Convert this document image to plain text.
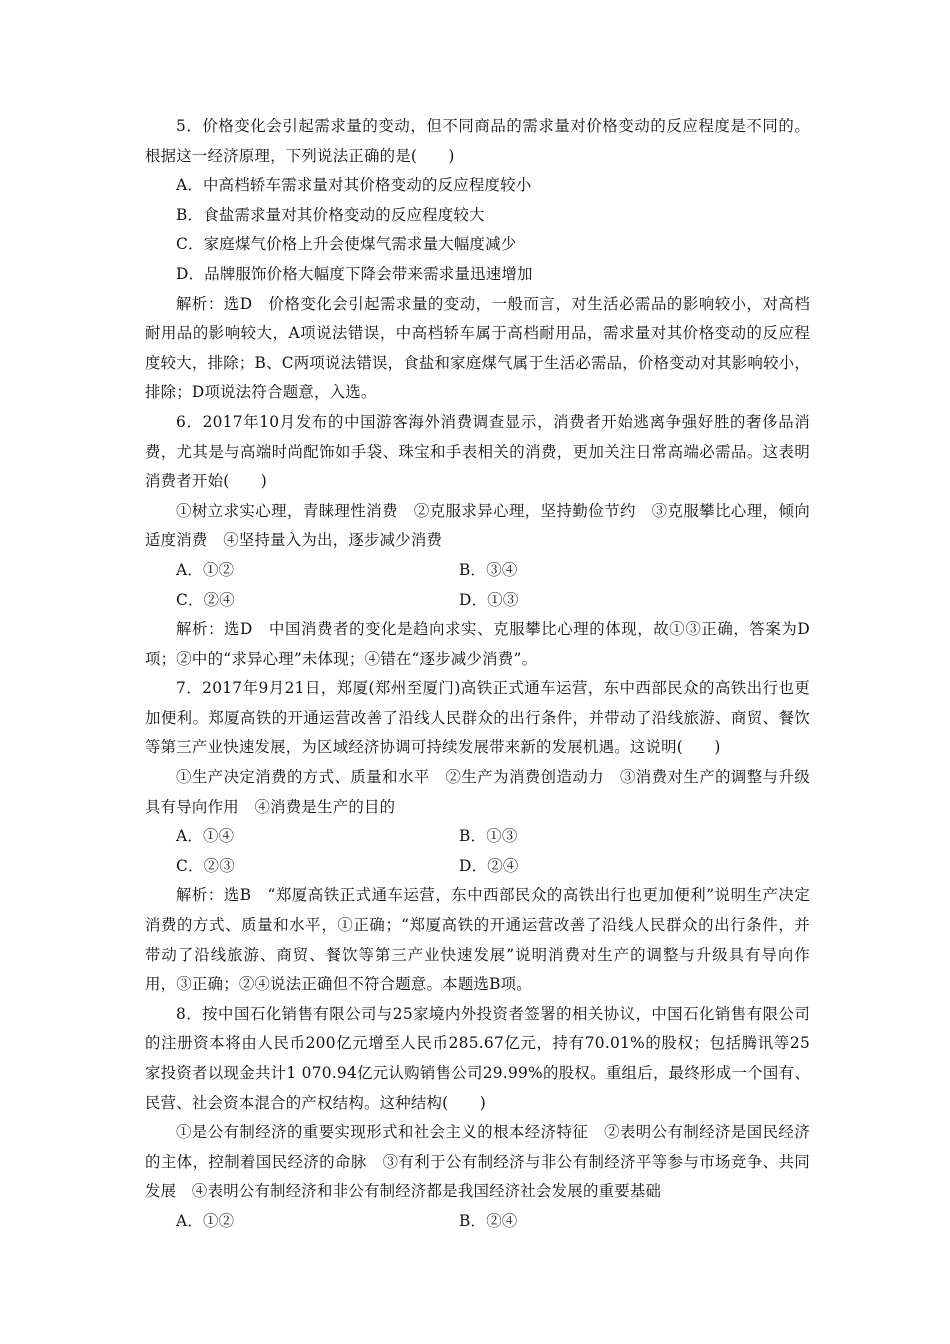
5．价格变化会引起需求量的变动，但不同商品的需求量对价格变动的反应程度是不同的。根据这一经济原理，下列说法正确的是(　　)

A．中高档轿车需求量对其价格变动的反应程度较小

B．食盐需求量对其价格变动的反应程度较大

C．家庭煤气价格上升会使煤气需求量大幅度减少

D．品牌服饰价格大幅度下降会带来需求量迅速增加

解析：选D　价格变化会引起需求量的变动，一般而言，对生活必需品的影响较小，对高档耐用品的影响较大，A项说法错误，中高档轿车属于高档耐用品，需求量对其价格变动的反应程度较大，排除；B、C两项说法错误，食盐和家庭煤气属于生活必需品，价格变动对其影响较小，排除；D项说法符合题意，入选。

6．2017年10月发布的中国游客海外消费调查显示，消费者开始逃离争强好胜的奢侈品消费，尤其是与高端时尚配饰如手袋、珠宝和手表相关的消费，更加关注日常高端必需品。这表明消费者开始(　　)

①树立求实心理，青睐理性消费　②克服求异心理，坚持勤俭节约　③克服攀比心理，倾向适度消费　④坚持量入为出，逐步减少消费

A．①②	B．③④
C．②④	D．①③

解析：选D　中国消费者的变化是趋向求实、克服攀比心理的体现，故①③正确，答案为D项；②中的“求异心理”未体现；④错在“逐步减少消费”。

7．2017年9月21日，郑厦(郑州至厦门)高铁正式通车运营，东中西部民众的高铁出行也更加便利。郑厦高铁的开通运营改善了沿线人民群众的出行条件，并带动了沿线旅游、商贸、餐饮等第三产业快速发展，为区域经济协调可持续发展带来新的发展机遇。这说明(　　)

①生产决定消费的方式、质量和水平　②生产为消费创造动力　③消费对生产的调整与升级具有导向作用　④消费是生产的目的

A．①④	B．①③
C．②③	D．②④

解析：选B　“郑厦高铁正式通车运营，东中西部民众的高铁出行也更加便利”说明生产决定消费的方式、质量和水平，①正确；“郑厦高铁的开通运营改善了沿线人民群众的出行条件，并带动了沿线旅游、商贸、餐饮等第三产业快速发展”说明消费对生产的调整与升级具有导向作用，③正确；②④说法正确但不符合题意。本题选B项。

8．按中国石化销售有限公司与25家境内外投资者签署的相关协议，中国石化销售有限公司的注册资本将由人民币200亿元增至人民币285.67亿元，持有70.01%的股权；包括腾讯等25家投资者以现金共计1 070.94亿元认购销售公司29.99%的股权。重组后，最终形成一个国有、民营、社会资本混合的产权结构。这种结构(　　)

①是公有制经济的重要实现形式和社会主义的根本经济特征　②表明公有制经济是国民经济的主体，控制着国民经济的命脉　③有利于公有制经济与非公有制经济平等参与市场竞争、共同发展　④表明公有制经济和非公有制经济都是我国经济社会发展的重要基础

A．①②	B．②④
